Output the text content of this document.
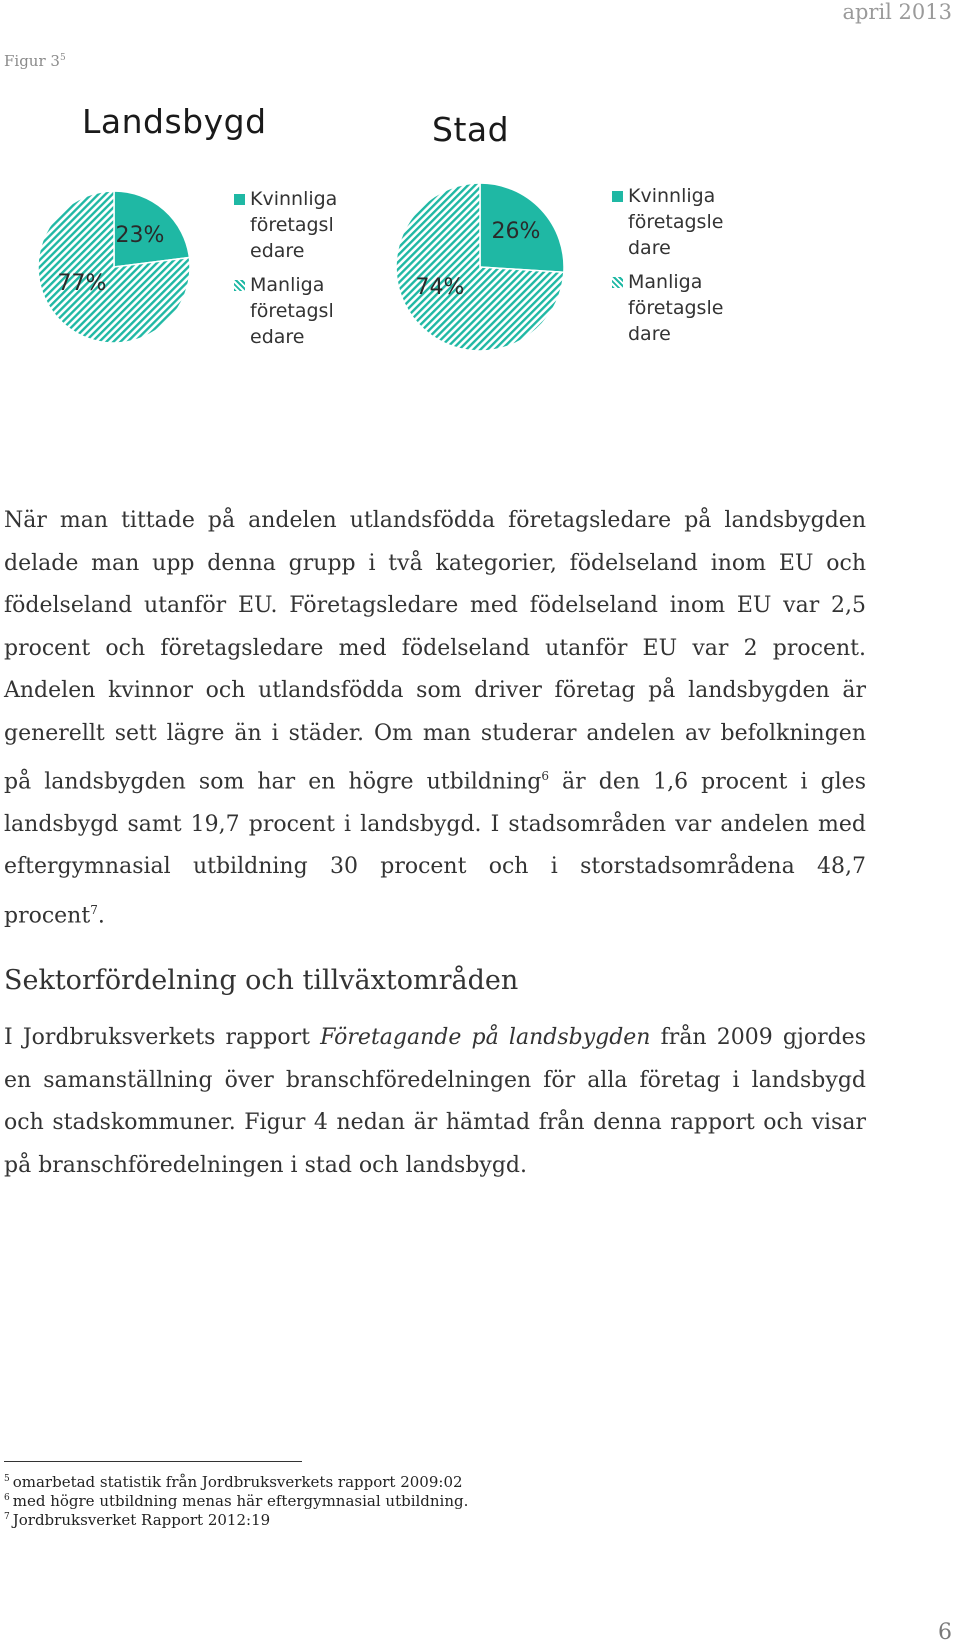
april 2013
Figur $3^5$
Landsbygd	Stad
23%
77%
26%
74%
Kvinnliga
företagsl
edare
Manliga
företagsl
edare
Kvinnliga
företagsle
dare
Manliga
företagsle
dare
När man tittade på andelen utlandsfödda företagsledare på landsbygden delade man upp denna grupp i två kategorier, födelseland inom EU och födelseland utanför EU. Företagsledare med födelseland inom EU var 2,5 procent och företagsledare med födelseland utanför EU var 2 procent. Andelen kvinnor och utlandsfödda som driver företag på landsbygden är generellt sett lägre än i städer. Om man studerar andelen av befolkningen på landsbygden som har en högre utbildning$^6$ är den 1,6 procent i gles landsbygd samt 19,7 procent i landsbygd. I stadsområden var andelen med eftergymnasial utbildning 30 procent och i storstadsområdena 48,7 procent$^7$.
Sektorfördelning och tillväxtområden
I Jordbruksverkets rapport Företagande på landsbygden från 2009 gjordes en samanställning över branschföredelningen för alla företag i landsbygd och stadskommuner. Figur 4 nedan är hämtad från denna rapport och visar på branschföredelningen i stad och landsbygd.
$^5$ omarbetad statistik från Jordbruksverkets rapport 2009:02
$^6$ med högre utbildning menas här eftergymnasial utbildning.
$^7$ Jordbruksverket Rapport 2012:19
6
